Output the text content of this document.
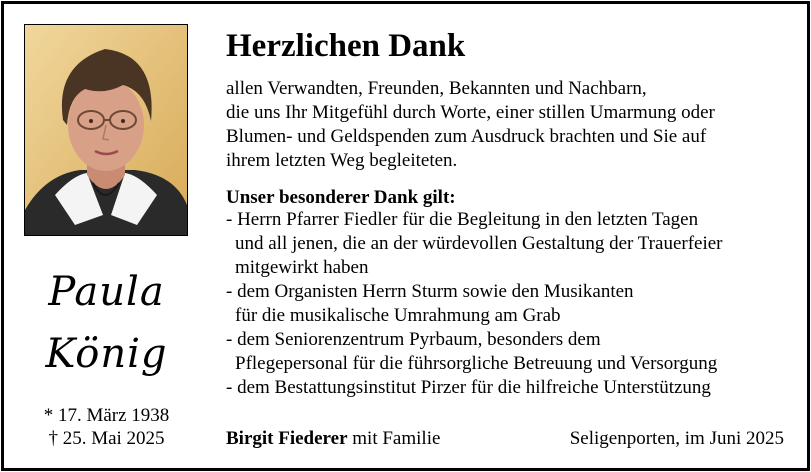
Paula
König
* 17. März 1938
† 25. Mai 2025
Herzlichen Dank
allen Verwandten, Freunden, Bekannten und Nachbarn,
die uns Ihr Mitgefühl durch Worte, einer stillen Umarmung oder
Blumen- und Geldspenden zum Ausdruck brachten und Sie auf
ihrem letzten Weg begleiteten.
Unser besonderer Dank gilt:
- Herrn Pfarrer Fiedler für die Begleitung in den letzten Tagen
und all jenen, die an der würdevollen Gestaltung der Trauerfeier
mitgewirkt haben
- dem Organisten Herrn Sturm sowie den Musikanten
für die musikalische Umrahmung am Grab
- dem Seniorenzentrum Pyrbaum, besonders dem
Pflegepersonal für die führsorgliche Betreuung und Versorgung
- dem Bestattungsinstitut Pirzer für die hilfreiche Unterstützung
Birgit Fiederer mit Familie	Seligenporten, im Juni 2025
